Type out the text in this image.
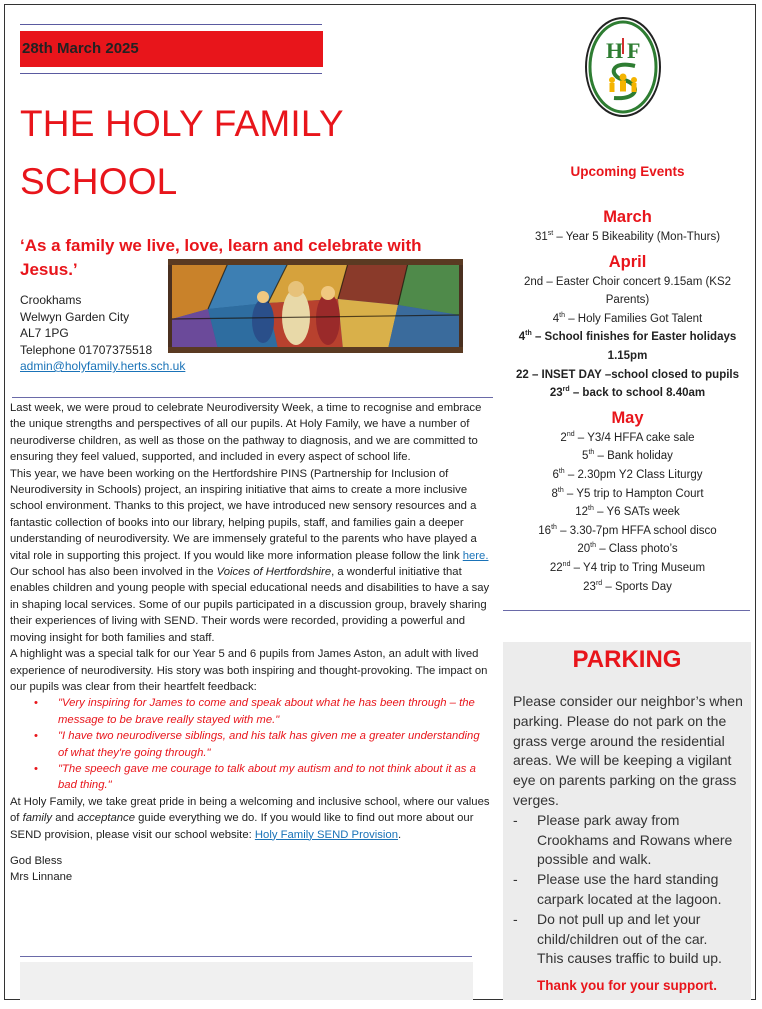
28th March 2025
THE HOLY FAMILY
SCHOOL
‘As a family we live, love, learn and celebrate with Jesus.’
Crookhams
Welwyn Garden City
AL7 1PG
Telephone 01707375518
admin@holyfamily.herts.sch.uk

Last week, we were proud to celebrate Neurodiversity Week, a time to recognise and embrace the unique strengths and perspectives of all our pupils. At Holy Family, we have a number of neurodiverse children, as well as those on the pathway to diagnosis, and we are committed to ensuring they feel valued, supported, and included in every aspect of school life.

This year, we have been working on the Hertfordshire PINS (Partnership for Inclusion of Neurodiversity in Schools) project, an inspiring initiative that aims to create a more inclusive school environment. Thanks to this project, we have introduced new sensory resources and a fantastic collection of books into our library, helping pupils, staff, and families gain a deeper understanding of neurodiversity. We are immensely grateful to the parents who have played a vital role in supporting this project. If you would like more information please follow the link here.

Our school has also been involved in the Voices of Hertfordshire, a wonderful initiative that enables children and young people with special educational needs and disabilities to have a say in shaping local services. Some of our pupils participated in a discussion group, bravely sharing their experiences of living with SEND. Their words were recorded, providing a powerful and moving insight for both families and staff.

A highlight was a special talk for our Year 5 and 6 pupils from James Aston, an adult with lived experience of neurodiversity. His story was both inspiring and thought-provoking. The impact on our pupils was clear from their heartfelt feedback:

• "Very inspiring for James to come and speak about what he has been through – the message to be brave really stayed with me."
• "I have two neurodiverse siblings, and his talk has given me a greater understanding of what they're going through."
• "The speech gave me courage to talk about my autism and to not think about it as a bad thing."

At Holy Family, we take great pride in being a welcoming and inclusive school, where our values of family and acceptance guide everything we do. If you would like to find out more about our SEND provision, please visit our school website: Holy Family SEND Provision.

God Bless

Mrs Linnane

H F
Upcoming Events
March
31st – Year 5 Bikeability (Mon-Thurs)
April
2nd – Easter Choir concert 9.15am (KS2 Parents)
4th – Holy Families Got Talent
4th – School finishes for Easter holidays 1.15pm
22 – INSET DAY –school closed to pupils
23rd – back to school 8.40am
May
2nd – Y3/4 HFFA cake sale
5th – Bank holiday
6th – 2.30pm Y2 Class Liturgy
8th – Y5 trip to Hampton Court
12th – Y6 SATs week
16th – 3.30-7pm HFFA school disco
20th – Class photo’s
22nd – Y4 trip to Tring Museum
23rd – Sports Day
PARKING

Please consider our neighbor’s when parking. Please do not park on the grass verge around the residential areas. We will be keeping a vigilant eye on parents parking on the grass verges.

- Please park away from Crookhams and Rowans where possible and walk.
- Please use the hard standing carpark located at the lagoon.
- Do not pull up and let your child/children out of the car.

This causes traffic to build up.

Thank you for your support.
